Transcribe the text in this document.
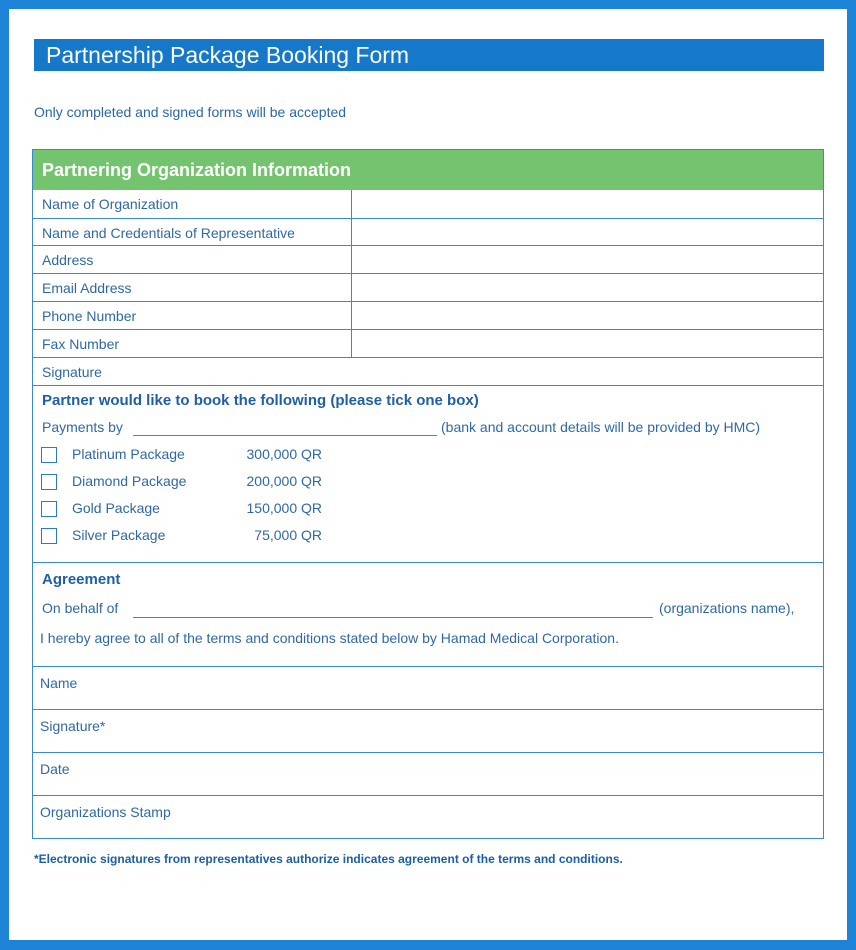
Partnership Package Booking Form
Only completed and signed forms will be accepted
Partnering Organization Information
Name of Organization
Name and Credentials of Representative
Address
Email Address
Phone Number
Fax Number
Signature
Partner would like to book the following (please tick one box)
Payments by	(bank and account details will be provided by HMC)
Platinum Package	300,000 QR
Diamond Package	200,000 QR
Gold Package	150,000 QR
Silver Package	75,000 QR
Agreement
On behalf of	(organizations name),
I hereby agree to all of the terms and conditions stated below by Hamad Medical Corporation.
Name
Signature*
Date
Organizations Stamp
*Electronic signatures from representatives authorize indicates agreement of the terms and conditions.
